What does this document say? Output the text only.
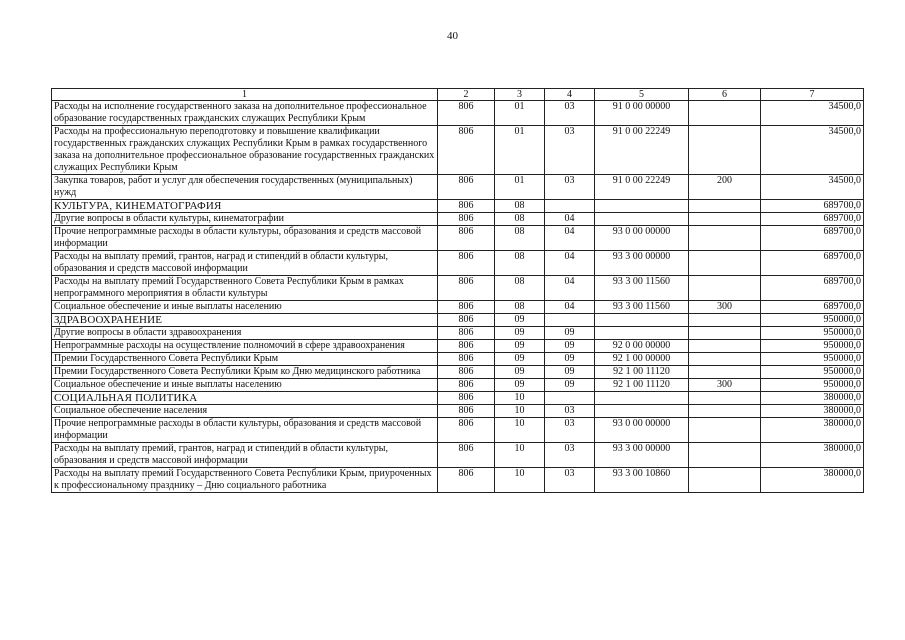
40
1	2	3	4	5	6	7
Расходы на исполнение государственного заказа на дополнительное профессиональное образование государственных гражданских служащих Республики Крым	806	01	03	91 0 00 00000		34500,0
Расходы на профессиональную переподготовку и повышение квалификации государственных гражданских служащих Республики Крым в рамках государственного заказа на дополнительное профессиональное образование государственных гражданских служащих Республики Крым	806	01	03	91 0 00 22249		34500,0
Закупка товаров, работ и услуг для обеспечения государственных (муниципальных) нужд	806	01	03	91 0 00 22249	200	34500,0
КУЛЬТУРА, КИНЕМАТОГРАФИЯ	806	08				689700,0
Другие вопросы в области культуры, кинематографии	806	08	04			689700,0
Прочие непрограммные расходы в области культуры, образования и средств массовой информации	806	08	04	93 0 00 00000		689700,0
Расходы на выплату премий, грантов, наград и стипендий в области культуры, образования и средств массовой информации	806	08	04	93 3 00 00000		689700,0
Расходы на выплату премий Государственного Совета Республики Крым в рамках непрограммного мероприятия в области культуры	806	08	04	93 3 00 11560		689700,0
Социальное обеспечение и иные выплаты населению	806	08	04	93 3 00 11560	300	689700,0
ЗДРАВООХРАНЕНИЕ	806	09				950000,0
Другие вопросы в области здравоохранения	806	09	09			950000,0
Непрограммные расходы на осуществление полномочий в сфере здравоохранения	806	09	09	92 0 00 00000		950000,0
Премии Государственного Совета Республики Крым	806	09	09	92 1 00 00000		950000,0
Премии Государственного Совета Республики Крым ко Дню медицинского работника	806	09	09	92 1 00 11120		950000,0
Социальное обеспечение и иные выплаты населению	806	09	09	92 1 00 11120	300	950000,0
СОЦИАЛЬНАЯ ПОЛИТИКА	806	10				380000,0
Социальное обеспечение населения	806	10	03			380000,0
Прочие непрограммные расходы в области культуры, образования и средств массовой информации	806	10	03	93 0 00 00000		380000,0
Расходы на выплату премий, грантов, наград и стипендий в области культуры, образования и средств массовой информации	806	10	03	93 3 00 00000		380000,0
Расходы на выплату премий Государственного Совета Республики Крым, приуроченных к профессиональному празднику – Дню социального работника	806	10	03	93 3 00 10860		380000,0
